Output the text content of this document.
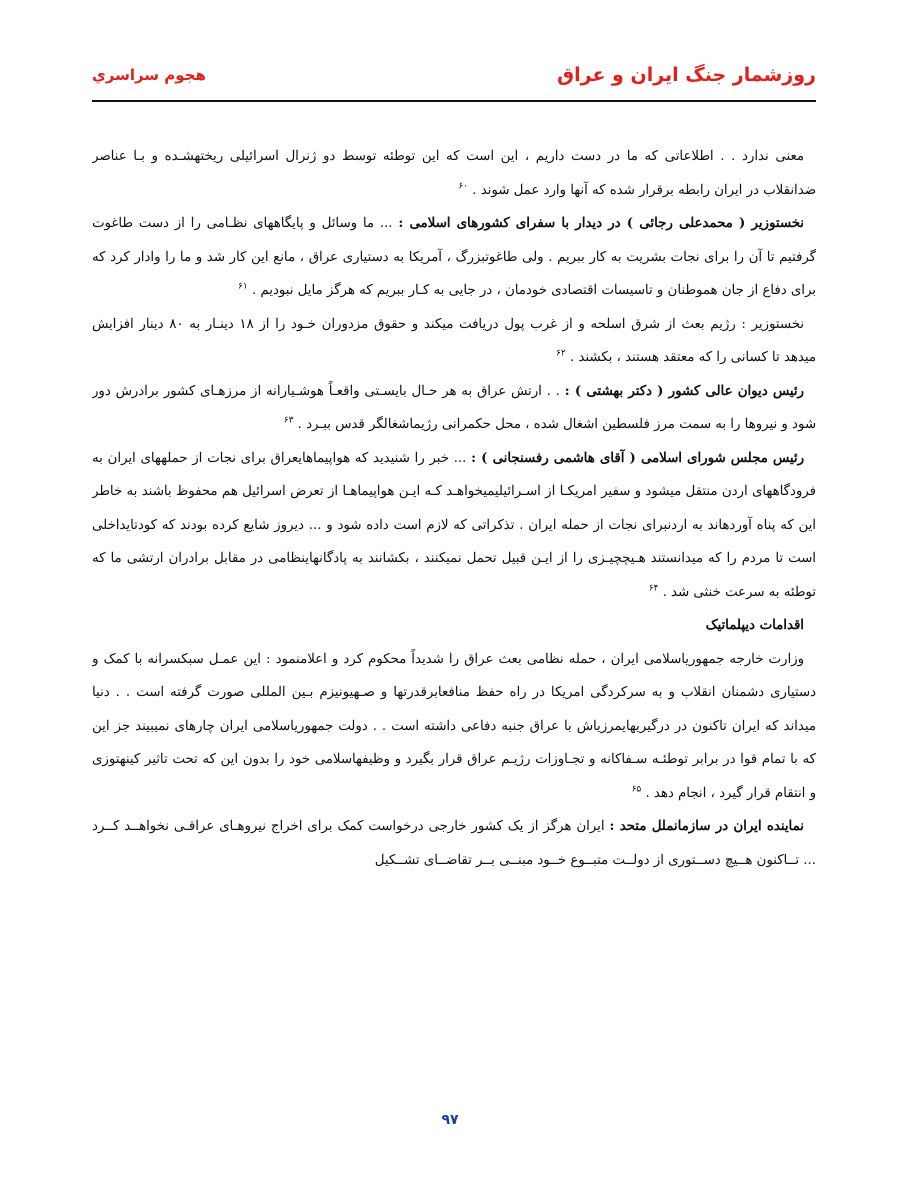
هجوم سراسري	روزشمار جنگ ايران و عراق

معنی ندارد . . اطلاعاتی که ما در دست داریم ، این است که این توطئه توسط دو ژنرال اسرائیلی ریختهشـده و بـا عناصر ضدانقلاب در ایران رابطه برقرار شده که آنها وارد عمل شوند . $^{۶۰}$

نخستوزیر ( محمدعلی رجائی ) در دیدار با سفرای کشورهای اسلامی : ... ما وسائل و پایگاههای نظـامی را از دست طاغوت گرفتیم تا آن را برای نجات بشریت به کار ببریم . ولی طاغوتبزرگ ، آمریکا به دستیاری عراق ، مانع این کار شد و ما را وادار کرد که برای دفاع از جان هموطنان و تاسیسات اقتصادی خودمان ، در جایی به کـار ببریم که هرگز مایل نبودیم . $^{۶۱}$

نخستوزیر : رژیم بعث از شرق اسلحه و از غرب پول دریافت میکند و حقوق مزدوران خـود را از ۱۸ دینـار به ۸۰ دینار افزایش میدهد تا کسانی را که معتقد هستند ، بکشند . $^{۶۲}$

رئیس دیوان عالی کشور ( دکتر بهشتی ) : . . ارتش عراق به هر حـال بایسـتی واقعـاً هوشـیارانه از مرزهـای کشور برادرش دور شود و نیروها را به سمت مرز فلسطین اشغال شده ، محل حکمرانی رژیماشغالگر قدس ببـرد . $^{۶۳}$

رئیس مجلس شورای اسلامی ( آقای هاشمی رفسنجانی ) : ... خبر را شنیدید که هواپیماهایعراق برای نجات از حملههای ایران به فرودگاههای اردن منتقل میشود و سفیر امریکـا از اسـرائیلیمیخواهـد کـه ایـن هواپیماهـا از تعرض اسرائیل هم محفوظ باشند به خاطر این که پناه آوردهاند به اردنبرای نجات از حمله ایران . تذکراتی که لازم است داده شود و ... دیروز شایع کرده بودند که کودتایداخلی است تا مردم را که میدانستند هـیچچیـزی را از ایـن قبیل تحمل نمیکنند ، بکشانند به پادگانهاینظامی در مقابل برادران ارتشی ما که توطئه به سرعت خنثی شد . $^{۶۴}$

اقدامات ديپلماتيک

وزارت خارجه جمهوریاسلامی ایران ، حمله نظامی بعث عراق را شدیداً محکوم کرد و اعلامنمود : این عمـل سبکسرانه با کمک و دستیاری دشمنان انقلاب و به سرکردگی امریکا در راه حفظ منافعابرقدرتها و صـهیونیزم بـین المللی صورت گرفته است . . دنیا میداند که ایران تاکنون در درگیریهایمرزیاش با عراق جنبه دفاعی داشته است . . دولت جمهوریاسلامی ایران چارهای نمیبیند جز این که با تمام قوا در برابر توطئـه سـفاکانه و تجـاوزات رژیـم عراق قرار بگیرد و وظیفهاسلامی خود را بدون این که تحت تاثیر کینهتوزی و انتقام قرار گیرد ، انجام دهد . $^{۶۵}$

نماینده ایران در سازمانملل متحد : ایران هرگز از یک کشور خارجی درخواست کمک برای اخراج نیروهـای عراقـی نخواهــد کــرد ... تــاکنون هــیچ دســتوری از دولــت متبــوع خــود مبنــی بــر تقاضــای تشــکیل

۹۷
